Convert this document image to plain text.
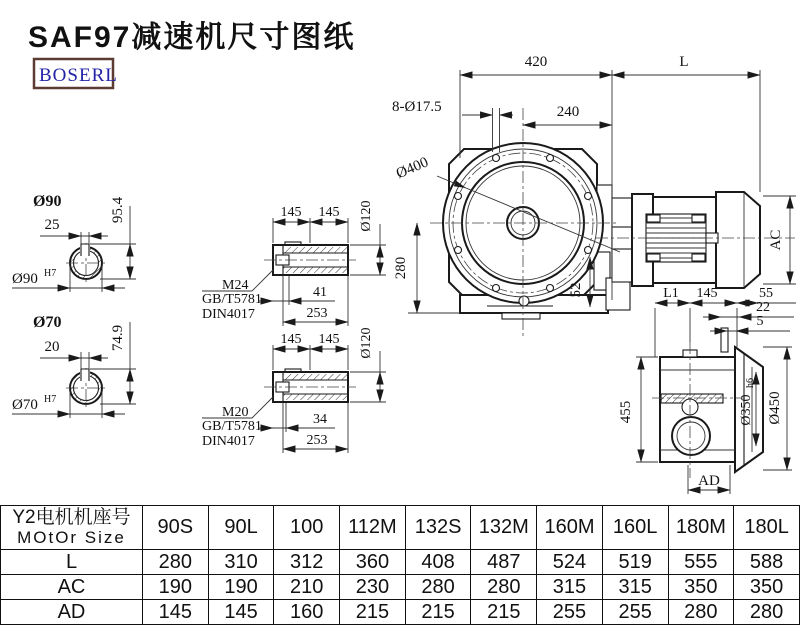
SAF97减速机尺寸图纸
BOSERL
Ø400
420	L
240
8-Ø17.5
280
52
AC
Ø90
25
95.4
Ø90 H7
Ø70
20	74.9
Ø70 H7
145 145 Ø120
M24
GB/T5781
DIN4017
41
253
145 145 Ø120
M20
GB/T5781
DIN4017
34
253
L1 145	55
22
5
455	Ø350
h6
Ø450
AD
Y2电机机座号
MOtOr Size	90S	90L	100	112M	132S	132M	160M	160L	180M	180L
L	280	310	312	360	408	487	524	519	555	588
AC	190	190	210	230	280	280	315	315	350	350
AD	145	145	160	215	215	215	255	255	280	280
